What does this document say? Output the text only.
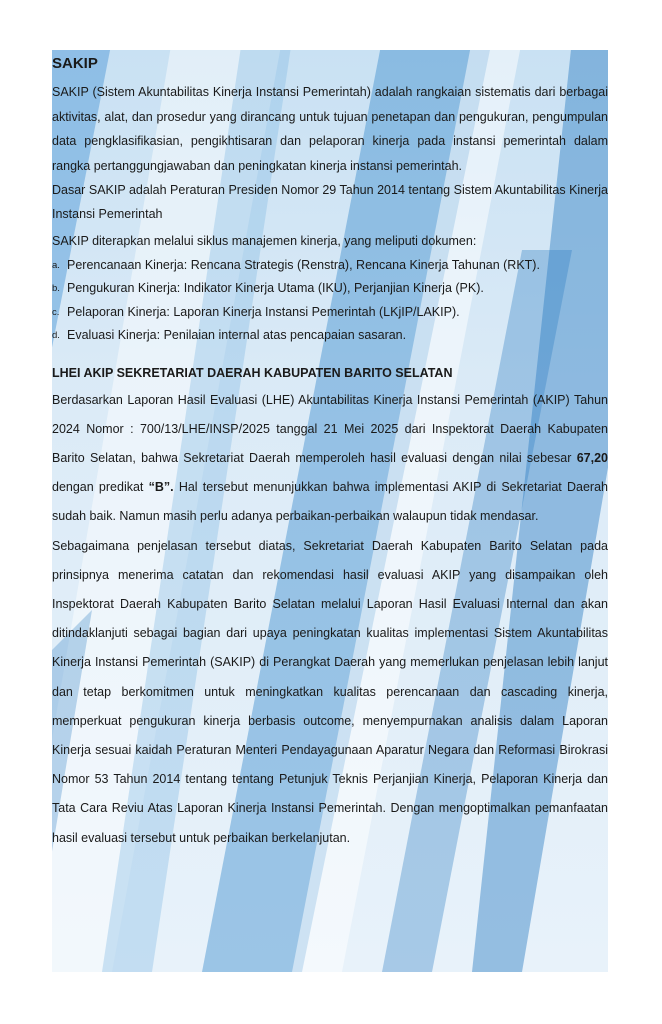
SAKIP

SAKIP (Sistem Akuntabilitas Kinerja Instansi Pemerintah) adalah rangkaian sistematis dari berbagai aktivitas, alat, dan prosedur yang dirancang untuk tujuan penetapan dan pengukuran, pengumpulan data pengklasifikasian, pengikhtisaran dan pelaporan kinerja pada instansi pemerintah dalam rangka pertanggungjawaban dan peningkatan kinerja instansi pemerintah.

Dasar SAKIP adalah Peraturan Presiden Nomor 29 Tahun 2014 tentang Sistem Akuntabilitas Kinerja Instansi Pemerintah

SAKIP diterapkan melalui siklus manajemen kinerja, yang meliputi dokumen:

a. Perencanaan Kinerja: Rencana Strategis (Renstra), Rencana Kinerja Tahunan (RKT).
b. Pengukuran Kinerja: Indikator Kinerja Utama (IKU), Perjanjian Kinerja (PK).
c. Pelaporan Kinerja: Laporan Kinerja Instansi Pemerintah (LKjIP/LAKIP).
d. Evaluasi Kinerja: Penilaian internal atas pencapaian sasaran.
LHEI AKIP SEKRETARIAT DAERAH KABUPATEN BARITO SELATAN

Berdasarkan Laporan Hasil Evaluasi (LHE) Akuntabilitas Kinerja Instansi Pemerintah (AKIP) Tahun 2024 Nomor : 700/13/LHE/INSP/2025 tanggal 21 Mei 2025 dari Inspektorat Daerah Kabupaten Barito Selatan, bahwa Sekretariat Daerah memperoleh hasil evaluasi dengan nilai sebesar 67,20 dengan predikat “B”. Hal tersebut menunjukkan bahwa implementasi AKIP di Sekretariat Daerah sudah baik. Namun masih perlu adanya perbaikan-perbaikan walaupun tidak mendasar.

Sebagaimana penjelasan tersebut diatas, Sekretariat Daerah Kabupaten Barito Selatan pada prinsipnya menerima catatan dan rekomendasi hasil evaluasi AKIP yang disampaikan oleh Inspektorat Daerah Kabupaten Barito Selatan melalui Laporan Hasil Evaluasi Internal dan akan ditindaklanjuti sebagai bagian dari upaya peningkatan kualitas implementasi Sistem Akuntabilitas Kinerja Instansi Pemerintah (SAKIP) di Perangkat Daerah yang memerlukan penjelasan lebih lanjut dan tetap berkomitmen untuk meningkatkan kualitas perencanaan dan cascading kinerja, memperkuat pengukuran kinerja berbasis outcome, menyempurnakan analisis dalam Laporan Kinerja sesuai kaidah Peraturan Menteri Pendayagunaan Aparatur Negara dan Reformasi Birokrasi Nomor 53 Tahun 2014 tentang tentang Petunjuk Teknis Perjanjian Kinerja, Pelaporan Kinerja dan Tata Cara Reviu Atas Laporan Kinerja Instansi Pemerintah. Dengan mengoptimalkan pemanfaatan hasil evaluasi tersebut untuk perbaikan berkelanjutan.
